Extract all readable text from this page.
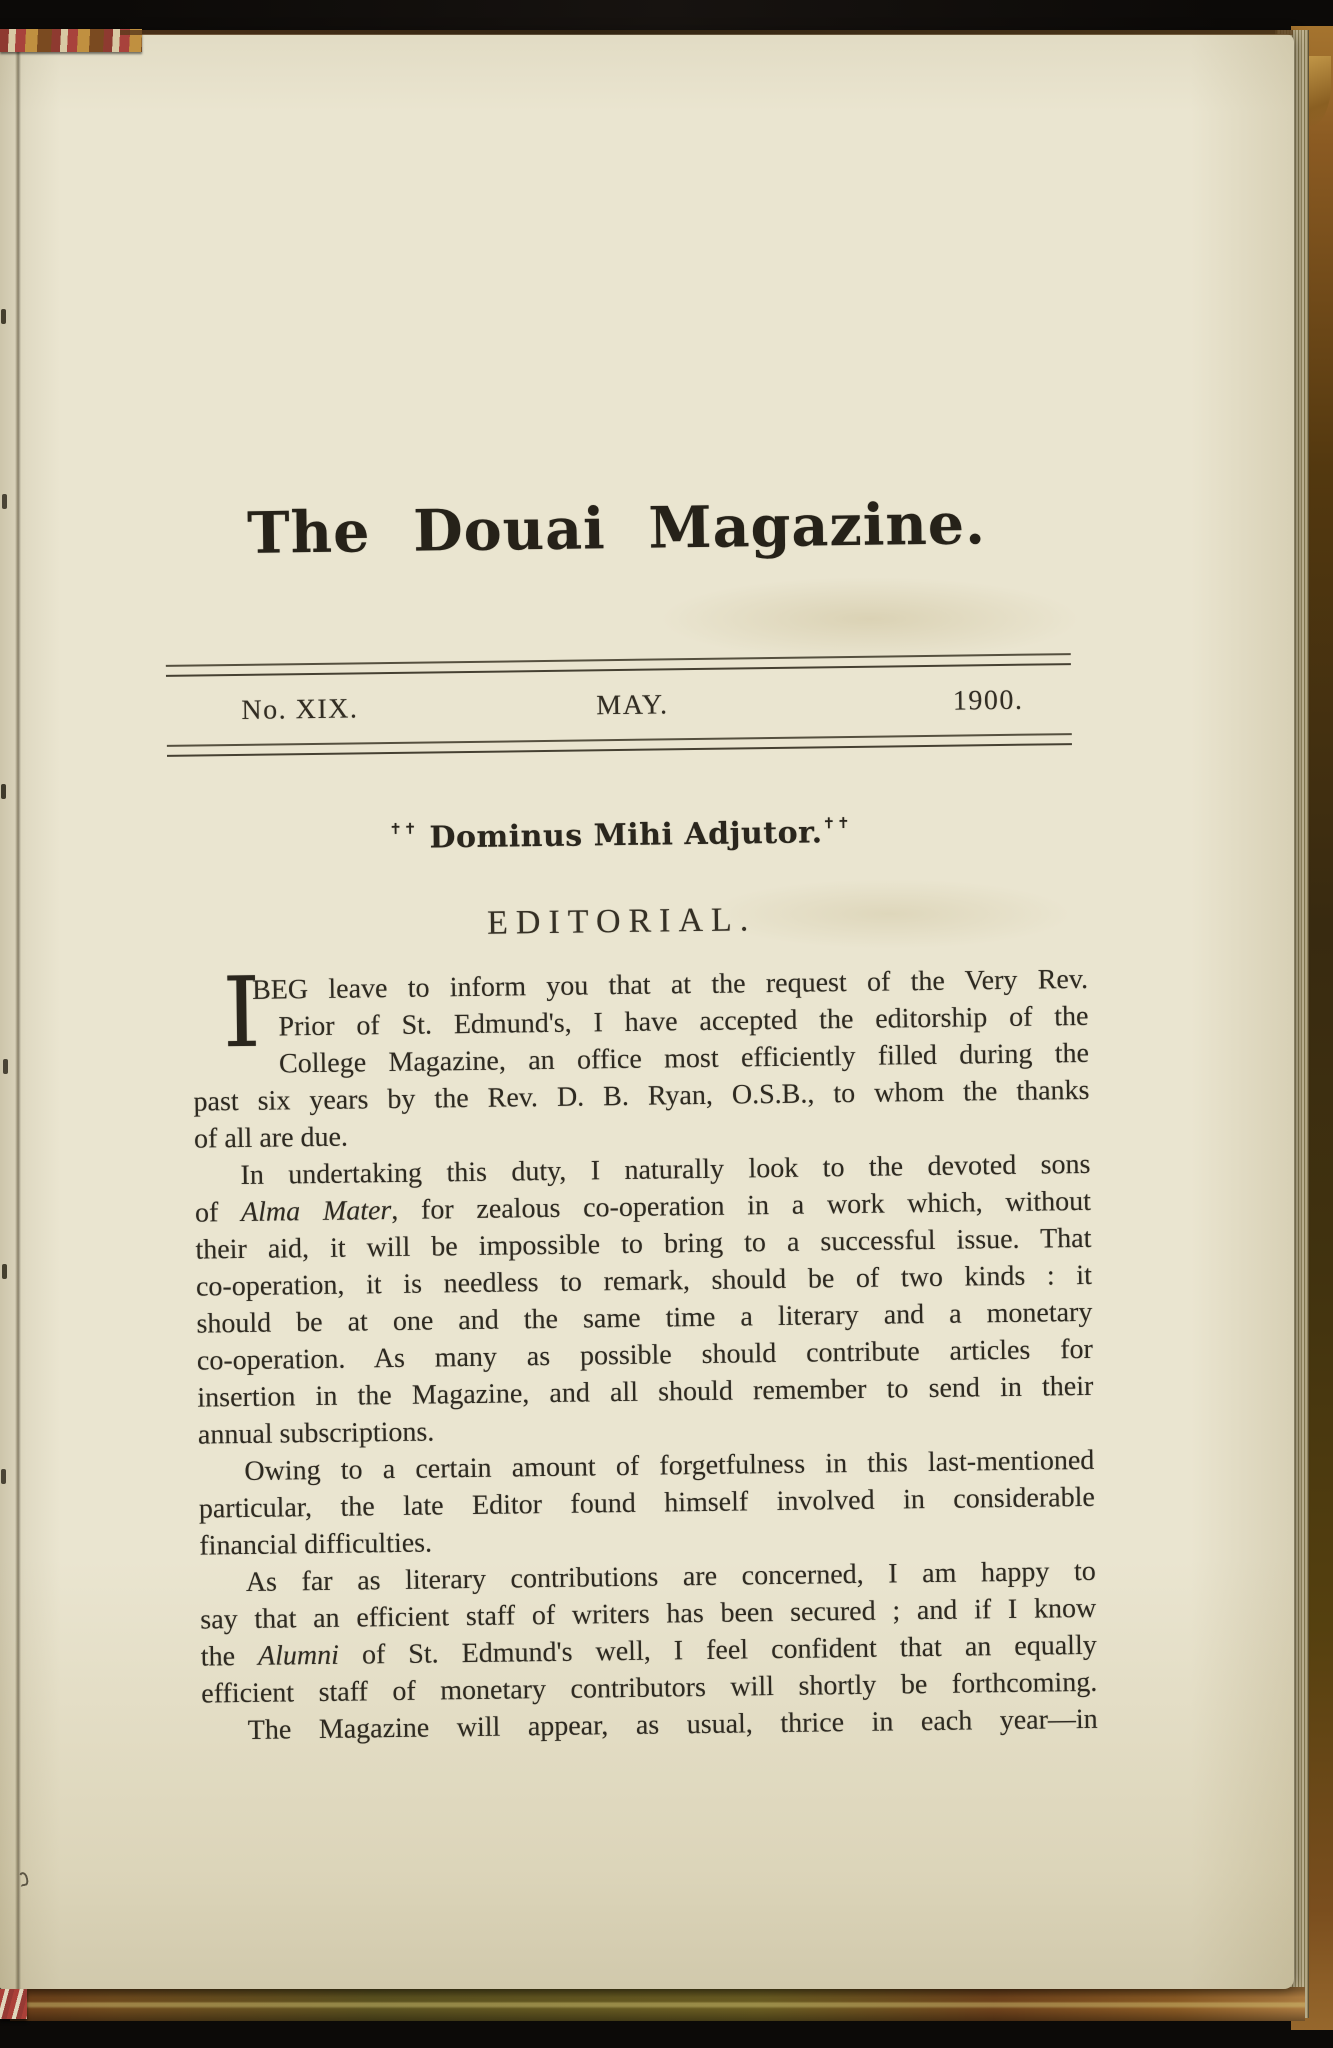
The Douai Magazine.
No. XIX.	MAY.	1900.
✝✝ Dominus Mihi Adjutor.✝✝
EDITORIAL.
I
BEG leave to inform you that at the request of the Very Rev.
Prior of St. Edmund's, I have accepted the editorship of the
College Magazine, an office most efficiently filled during the
past six years by the Rev. D. B. Ryan, O.S.B., to whom the thanks
of all are due.
In undertaking this duty, I naturally look to the devoted sons
of Alma Mater, for zealous co-operation in a work which, without
their aid, it will be impossible to bring to a successful issue. That
co-operation, it is needless to remark, should be of two kinds : it
should be at one and the same time a literary and a monetary
co-operation. As many as possible should contribute articles for
insertion in the Magazine, and all should remember to send in their
annual subscriptions.
Owing to a certain amount of forgetfulness in this last-mentioned
particular, the late Editor found himself involved in considerable
financial difficulties.
As far as literary contributions are concerned, I am happy to
say that an efficient staff of writers has been secured ; and if I know
the Alumni of St. Edmund's well, I feel confident that an equally
efficient staff of monetary contributors will shortly be forthcoming.
The Magazine will appear, as usual, thrice in each year—in
